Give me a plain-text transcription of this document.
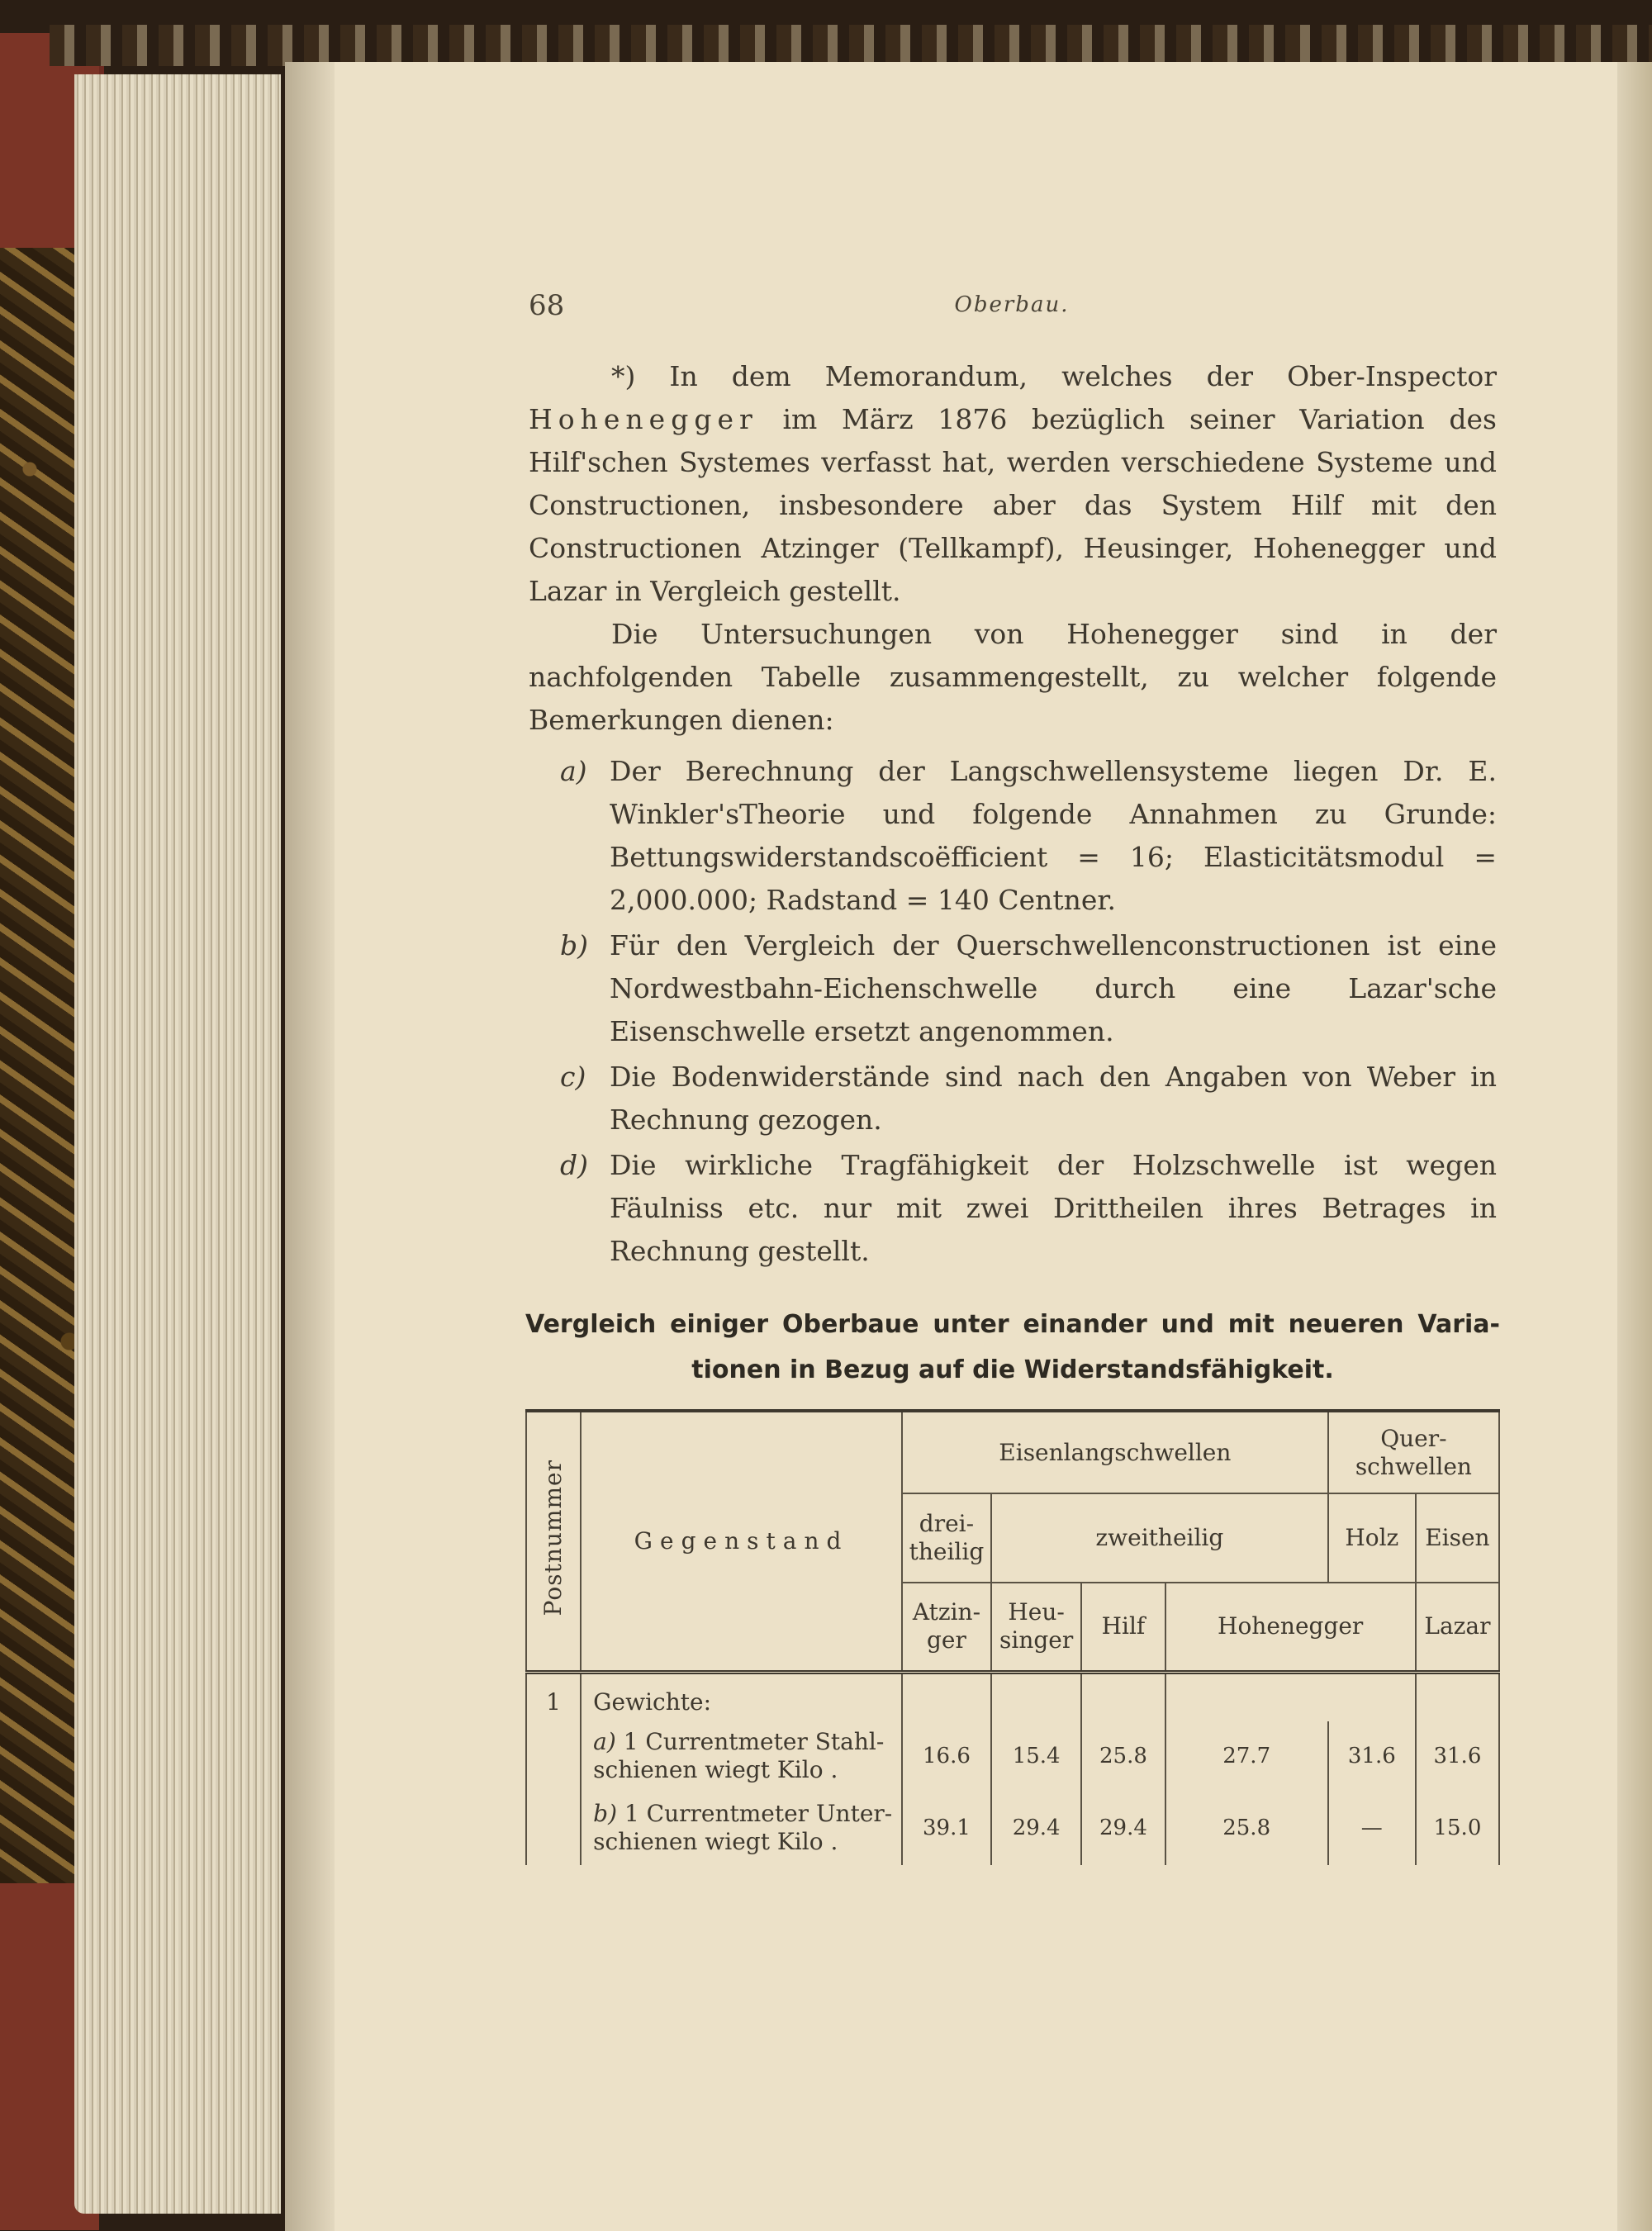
68	Oberbau.
*) In dem Memorandum, welches der Ober-Inspector Hohenegger im März 1876 bezüglich seiner Variation des Hilf'schen Systemes verfasst hat, werden verschiedene Systeme und Constructionen, insbesondere aber das System Hilf mit den Constructionen Atzinger (Tellkampf), Heusinger, Hohenegger und Lazar in Vergleich gestellt.
Die Untersuchungen von Hohenegger sind in der nachfolgenden Tabelle zusammengestellt, zu welcher folgende Bemerkungen dienen:
a) Der Berechnung der Langschwellensysteme liegen Dr. E. Winkler'sTheorie und folgende Annahmen zu Grunde: Bettungswiderstandscoëfficient = 16; Elasticitätsmodul = 2,000.000; Radstand = 140 Centner.
b) Für den Vergleich der Querschwellenconstructionen ist eine Nordwestbahn-Eichenschwelle durch eine Lazar'sche Eisenschwelle ersetzt angenommen.
c) Die Bodenwiderstände sind nach den Angaben von Weber in Rechnung gezogen.
d) Die wirkliche Tragfähigkeit der Holzschwelle ist wegen Fäulniss etc. nur mit zwei Drittheilen ihres Betrages in Rechnung gestellt.
Vergleich einiger Oberbaue unter einander und mit neueren Varia-
tionen in Bezug auf die Widerstandsfähigkeit.
Postnummer	Gegenstand	Eisenlangschwellen				Quer-schwellen	
		drei-theilig	zweitheilig			Holz	Eisen
		Atzin-ger	Heu-singer	Hilf	Hohenegger		Lazar
1	Gewichte:						
	a) 1 Currentmeter Stahl-schienen wiegt Kilo .	16.6	15.4	25.8	27.7	31.6	31.6
	b) 1 Currentmeter Unter-schienen wiegt Kilo .	39.1	29.4	29.4	25.8	—	15.0
